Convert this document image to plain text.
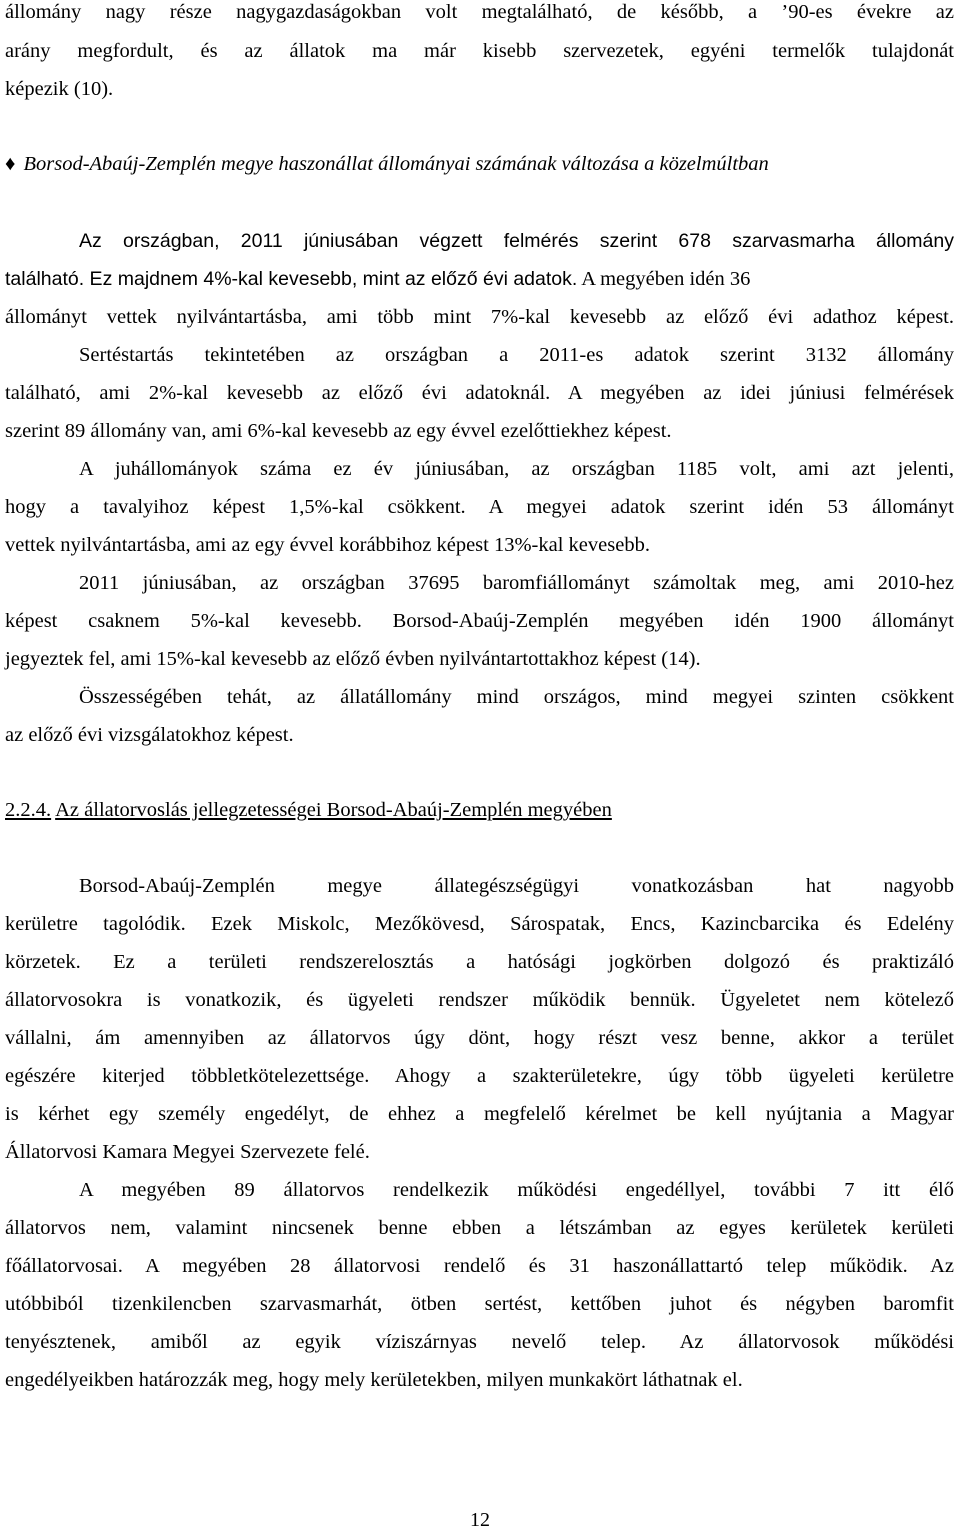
állomány nagy része nagygazdaságokban volt megtalálható, de később, a ’90-es évekre az
arány megfordult, és az állatok ma már kisebb szervezetek, egyéni termelők tulajdonát
képezik (10).
♦ Borsod-Abaúj-Zemplén megye haszonállat állományai számának változása a közelmúltban
Az országban, 2011 júniusában végzett felmérés szerint 678 szarvasmarha állomány
található. Ez majdnem 4%-kal kevesebb, mint az előző évi adatok. A megyében idén 36
állományt vettek nyilvántartásba, ami több mint 7%-kal kevesebb az előző évi adathoz képest.
Sertéstartás tekintetében az országban a 2011-es adatok szerint 3132 állomány
található, ami 2%-kal kevesebb az előző évi adatoknál. A megyében az idei júniusi felmérések
szerint 89 állomány van, ami 6%-kal kevesebb az egy évvel ezelőttiekhez képest.
A juhállományok száma ez év júniusában, az országban 1185 volt, ami azt jelenti,
hogy a tavalyihoz képest 1,5%-kal csökkent. A megyei adatok szerint idén 53 állományt
vettek nyilvántartásba, ami az egy évvel korábbihoz képest 13%-kal kevesebb.
2011 júniusában, az országban 37695 baromfiállományt számoltak meg, ami 2010-hez
képest csaknem 5%-kal kevesebb. Borsod-Abaúj-Zemplén megyében idén 1900 állományt
jegyeztek fel, ami 15%-kal kevesebb az előző évben nyilvántartottakhoz képest (14).
Összességében tehát, az állatállomány mind országos, mind megyei szinten csökkent
az előző évi vizsgálatokhoz képest.
2.2.4. Az állatorvoslás jellegzetességei Borsod-Abaúj-Zemplén megyében
Borsod-Abaúj-Zemplén megye állategészségügyi vonatkozásban hat nagyobb
kerületre tagolódik. Ezek Miskolc, Mezőkövesd, Sárospatak, Encs, Kazincbarcika és Edelény
körzetek. Ez a területi rendszerelosztás a hatósági jogkörben dolgozó és praktizáló
állatorvosokra is vonatkozik, és ügyeleti rendszer működik bennük. Ügyeletet nem kötelező
vállalni, ám amennyiben az állatorvos úgy dönt, hogy részt vesz benne, akkor a terület
egészére kiterjed többletkötelezettsége. Ahogy a szakterületekre, úgy több ügyeleti kerületre
is kérhet egy személy engedélyt, de ehhez a megfelelő kérelmet be kell nyújtania a Magyar
Állatorvosi Kamara Megyei Szervezete felé.
A megyében 89 állatorvos rendelkezik működési engedéllyel, további 7 itt élő
állatorvos nem, valamint nincsenek benne ebben a létszámban az egyes kerületek kerületi
főállatorvosai. A megyében 28 állatorvosi rendelő és 31 haszonállattartó telep működik. Az
utóbbiból tizenkilencben szarvasmarhát, ötben sertést, kettőben juhot és négyben baromfit
tenyésztenek, amiből az egyik víziszárnyas nevelő telep. Az állatorvosok működési
engedélyeikben határozzák meg, hogy mely kerületekben, milyen munkakört láthatnak el.
12
